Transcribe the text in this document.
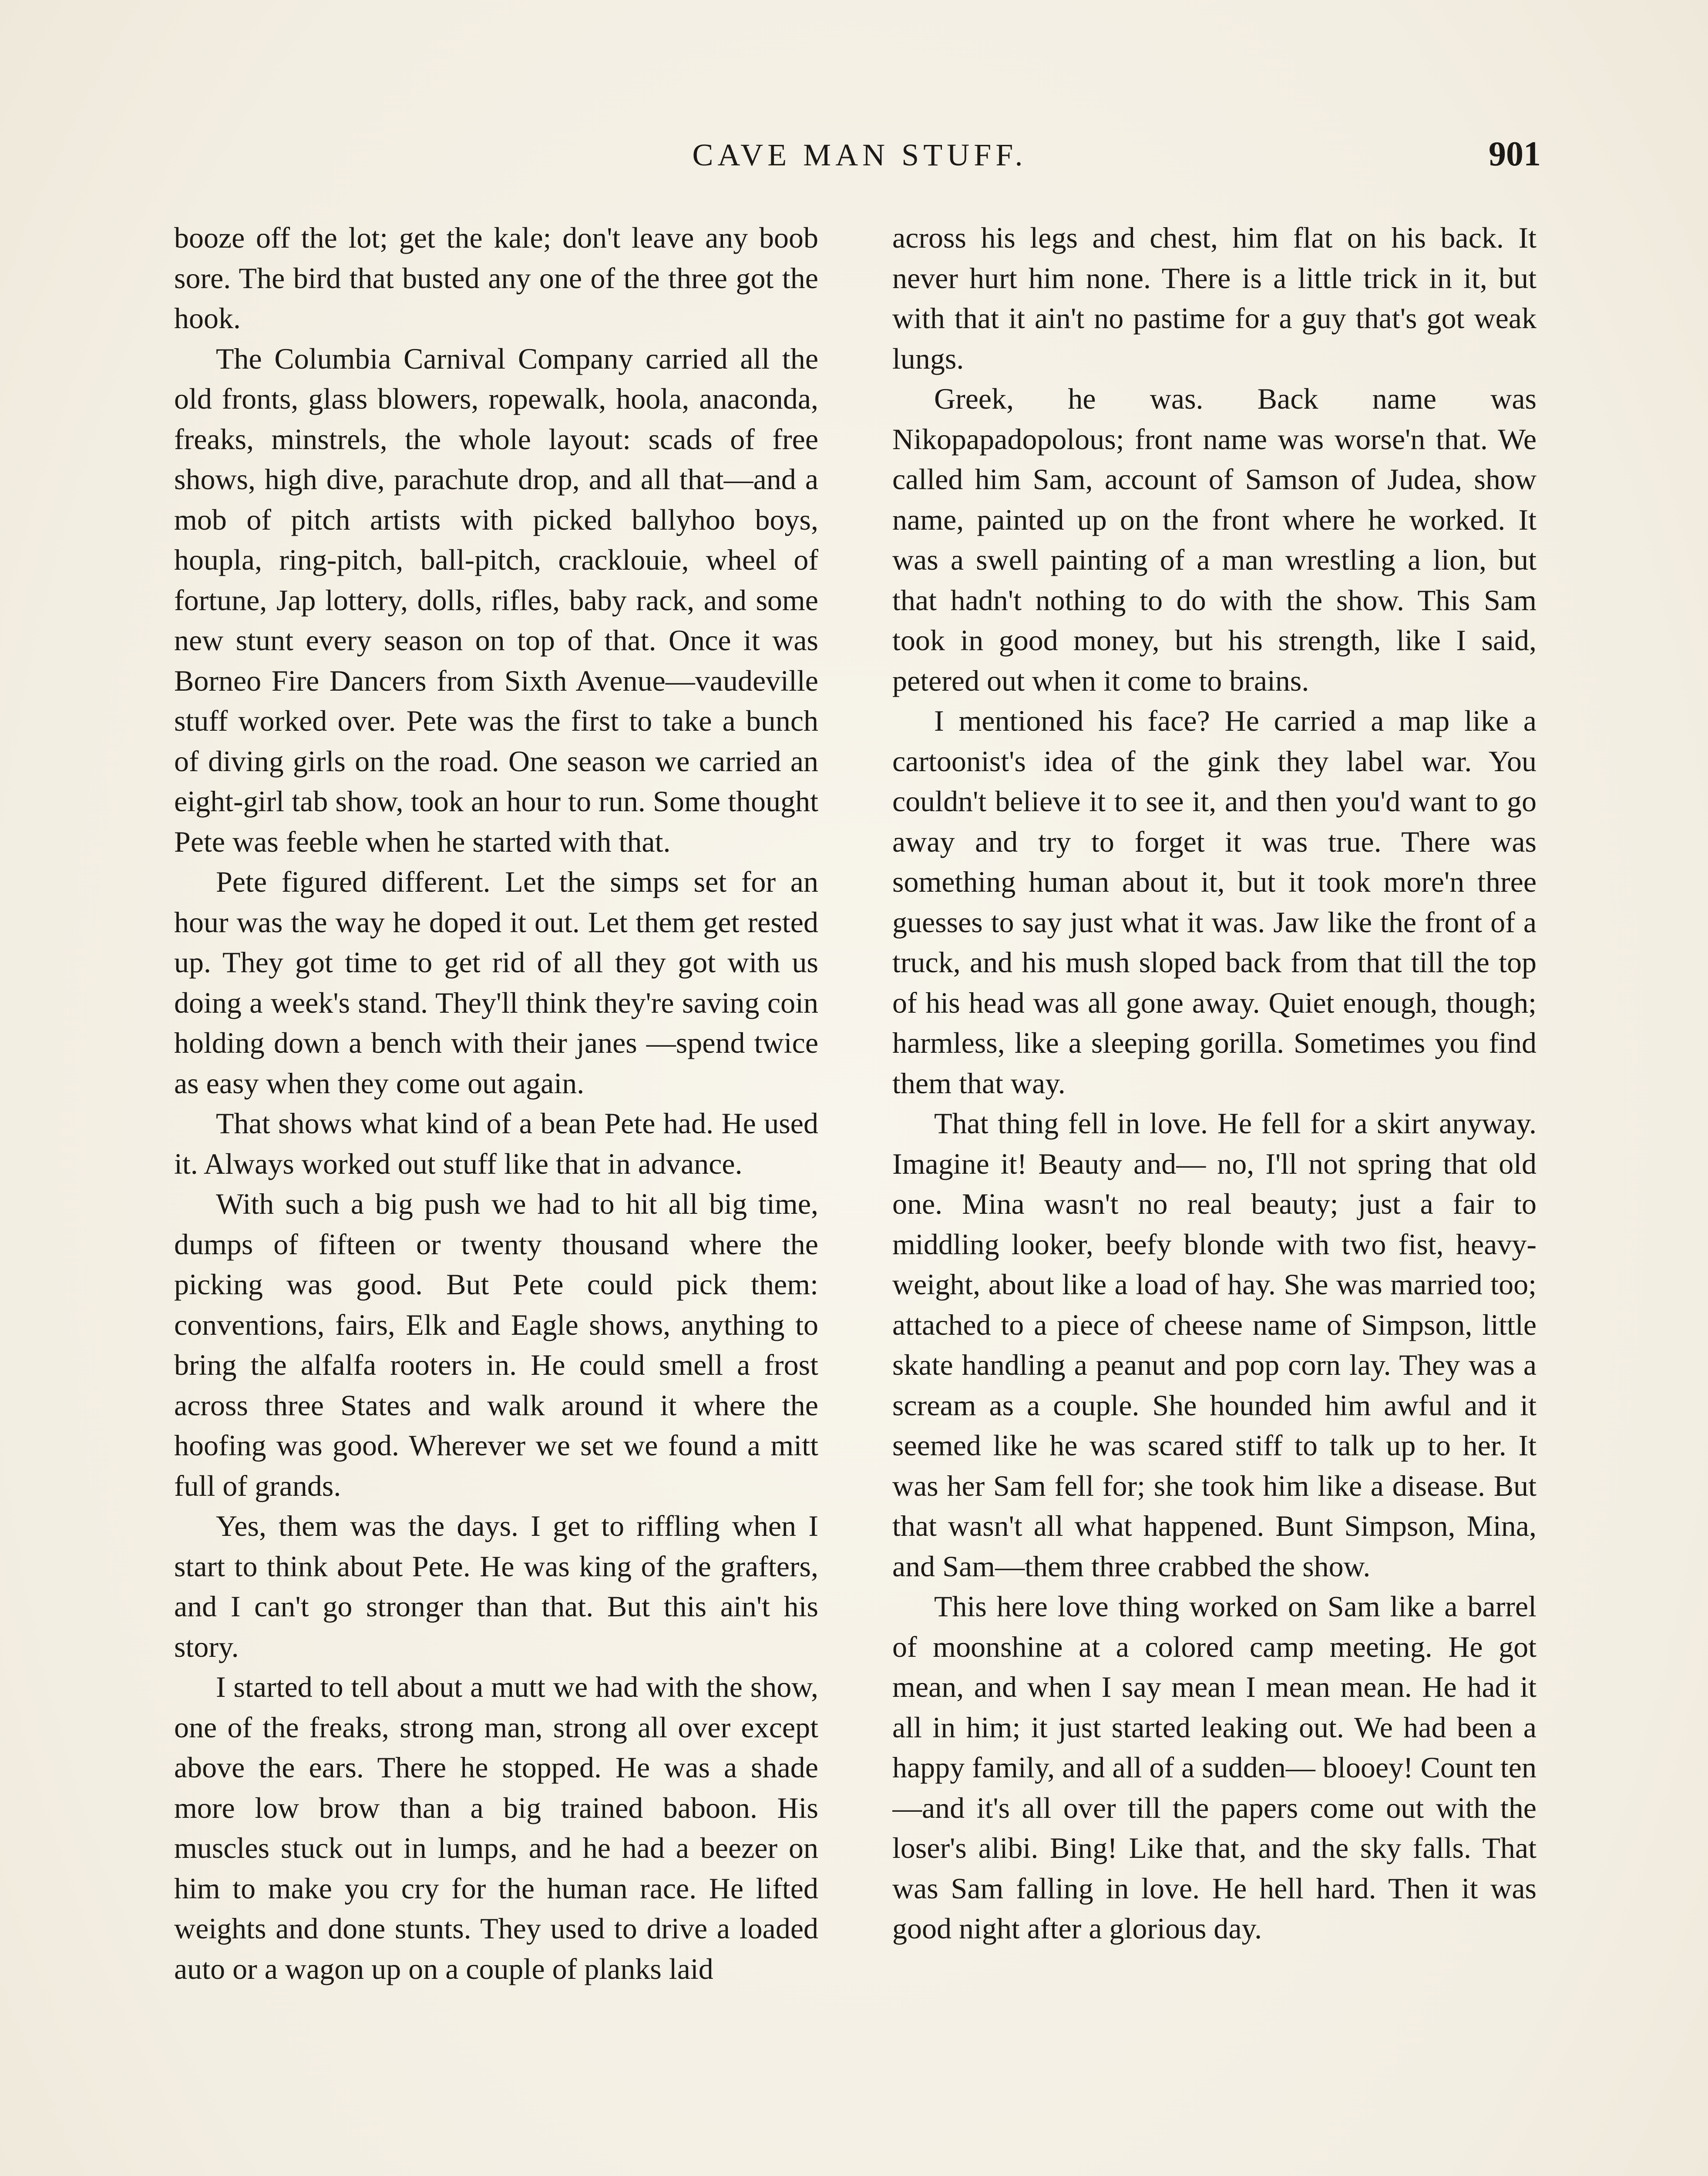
CAVE MAN STUFF.	901

booze off the lot; get the kale; don't leave any boob sore. The bird that busted any one of the three got the hook.

The Columbia Carnival Company carried all the old fronts, glass blowers, ropewalk, hoola, anaconda, freaks, minstrels, the whole layout: scads of free shows, high dive, parachute drop, and all that—and a mob of pitch artists with picked ballyhoo boys, houpla, ring-pitch, ball-pitch, cracklouie, wheel of fortune, Jap lottery, dolls, rifles, baby rack, and some new stunt every season on top of that. Once it was Borneo Fire Dancers from Sixth Avenue—vaudeville stuff worked over. Pete was the first to take a bunch of diving girls on the road. One season we carried an eight-girl tab show, took an hour to run. Some thought Pete was feeble when he started with that.

Pete figured different. Let the simps set for an hour was the way he doped it out. Let them get rested up. They got time to get rid of all they got with us doing a week's stand. They'll think they're saving coin holding down a bench with their janes —spend twice as easy when they come out again.

That shows what kind of a bean Pete had. He used it. Always worked out stuff like that in advance.

With such a big push we had to hit all big time, dumps of fifteen or twenty thousand where the picking was good. But Pete could pick them: conventions, fairs, Elk and Eagle shows, anything to bring the alfalfa rooters in. He could smell a frost across three States and walk around it where the hoofing was good. Wherever we set we found a mitt full of grands.

Yes, them was the days. I get to riffling when I start to think about Pete. He was king of the grafters, and I can't go stronger than that. But this ain't his story.

I started to tell about a mutt we had with the show, one of the freaks, strong man, strong all over except above the ears. There he stopped. He was a shade more low brow than a big trained baboon. His muscles stuck out in lumps, and he had a beezer on him to make you cry for the human race. He lifted weights and done stunts. They used to drive a loaded auto or a wagon up on a couple of planks laid

across his legs and chest, him flat on his back. It never hurt him none. There is a little trick in it, but with that it ain't no pastime for a guy that's got weak lungs.

Greek, he was. Back name was Nikopapadopolous; front name was worse'n that. We called him Sam, account of Samson of Judea, show name, painted up on the front where he worked. It was a swell painting of a man wrestling a lion, but that hadn't nothing to do with the show. This Sam took in good money, but his strength, like I said, petered out when it come to brains.

I mentioned his face? He carried a map like a cartoonist's idea of the gink they label war. You couldn't believe it to see it, and then you'd want to go away and try to forget it was true. There was something human about it, but it took more'n three guesses to say just what it was. Jaw like the front of a truck, and his mush sloped back from that till the top of his head was all gone away. Quiet enough, though; harmless, like a sleeping gorilla. Sometimes you find them that way.

That thing fell in love. He fell for a skirt anyway. Imagine it! Beauty and— no, I'll not spring that old one. Mina wasn't no real beauty; just a fair to middling looker, beefy blonde with two fist, heavy-weight, about like a load of hay. She was married too; attached to a piece of cheese name of Simpson, little skate handling a peanut and pop corn lay. They was a scream as a couple. She hounded him awful and it seemed like he was scared stiff to talk up to her. It was her Sam fell for; she took him like a disease. But that wasn't all what happened. Bunt Simpson, Mina, and Sam—them three crabbed the show.

This here love thing worked on Sam like a barrel of moonshine at a colored camp meeting. He got mean, and when I say mean I mean mean. He had it all in him; it just started leaking out. We had been a happy family, and all of a sudden— blooey! Count ten—and it's all over till the papers come out with the loser's alibi. Bing! Like that, and the sky falls. That was Sam falling in love. He hell hard. Then it was good night after a glorious day.
